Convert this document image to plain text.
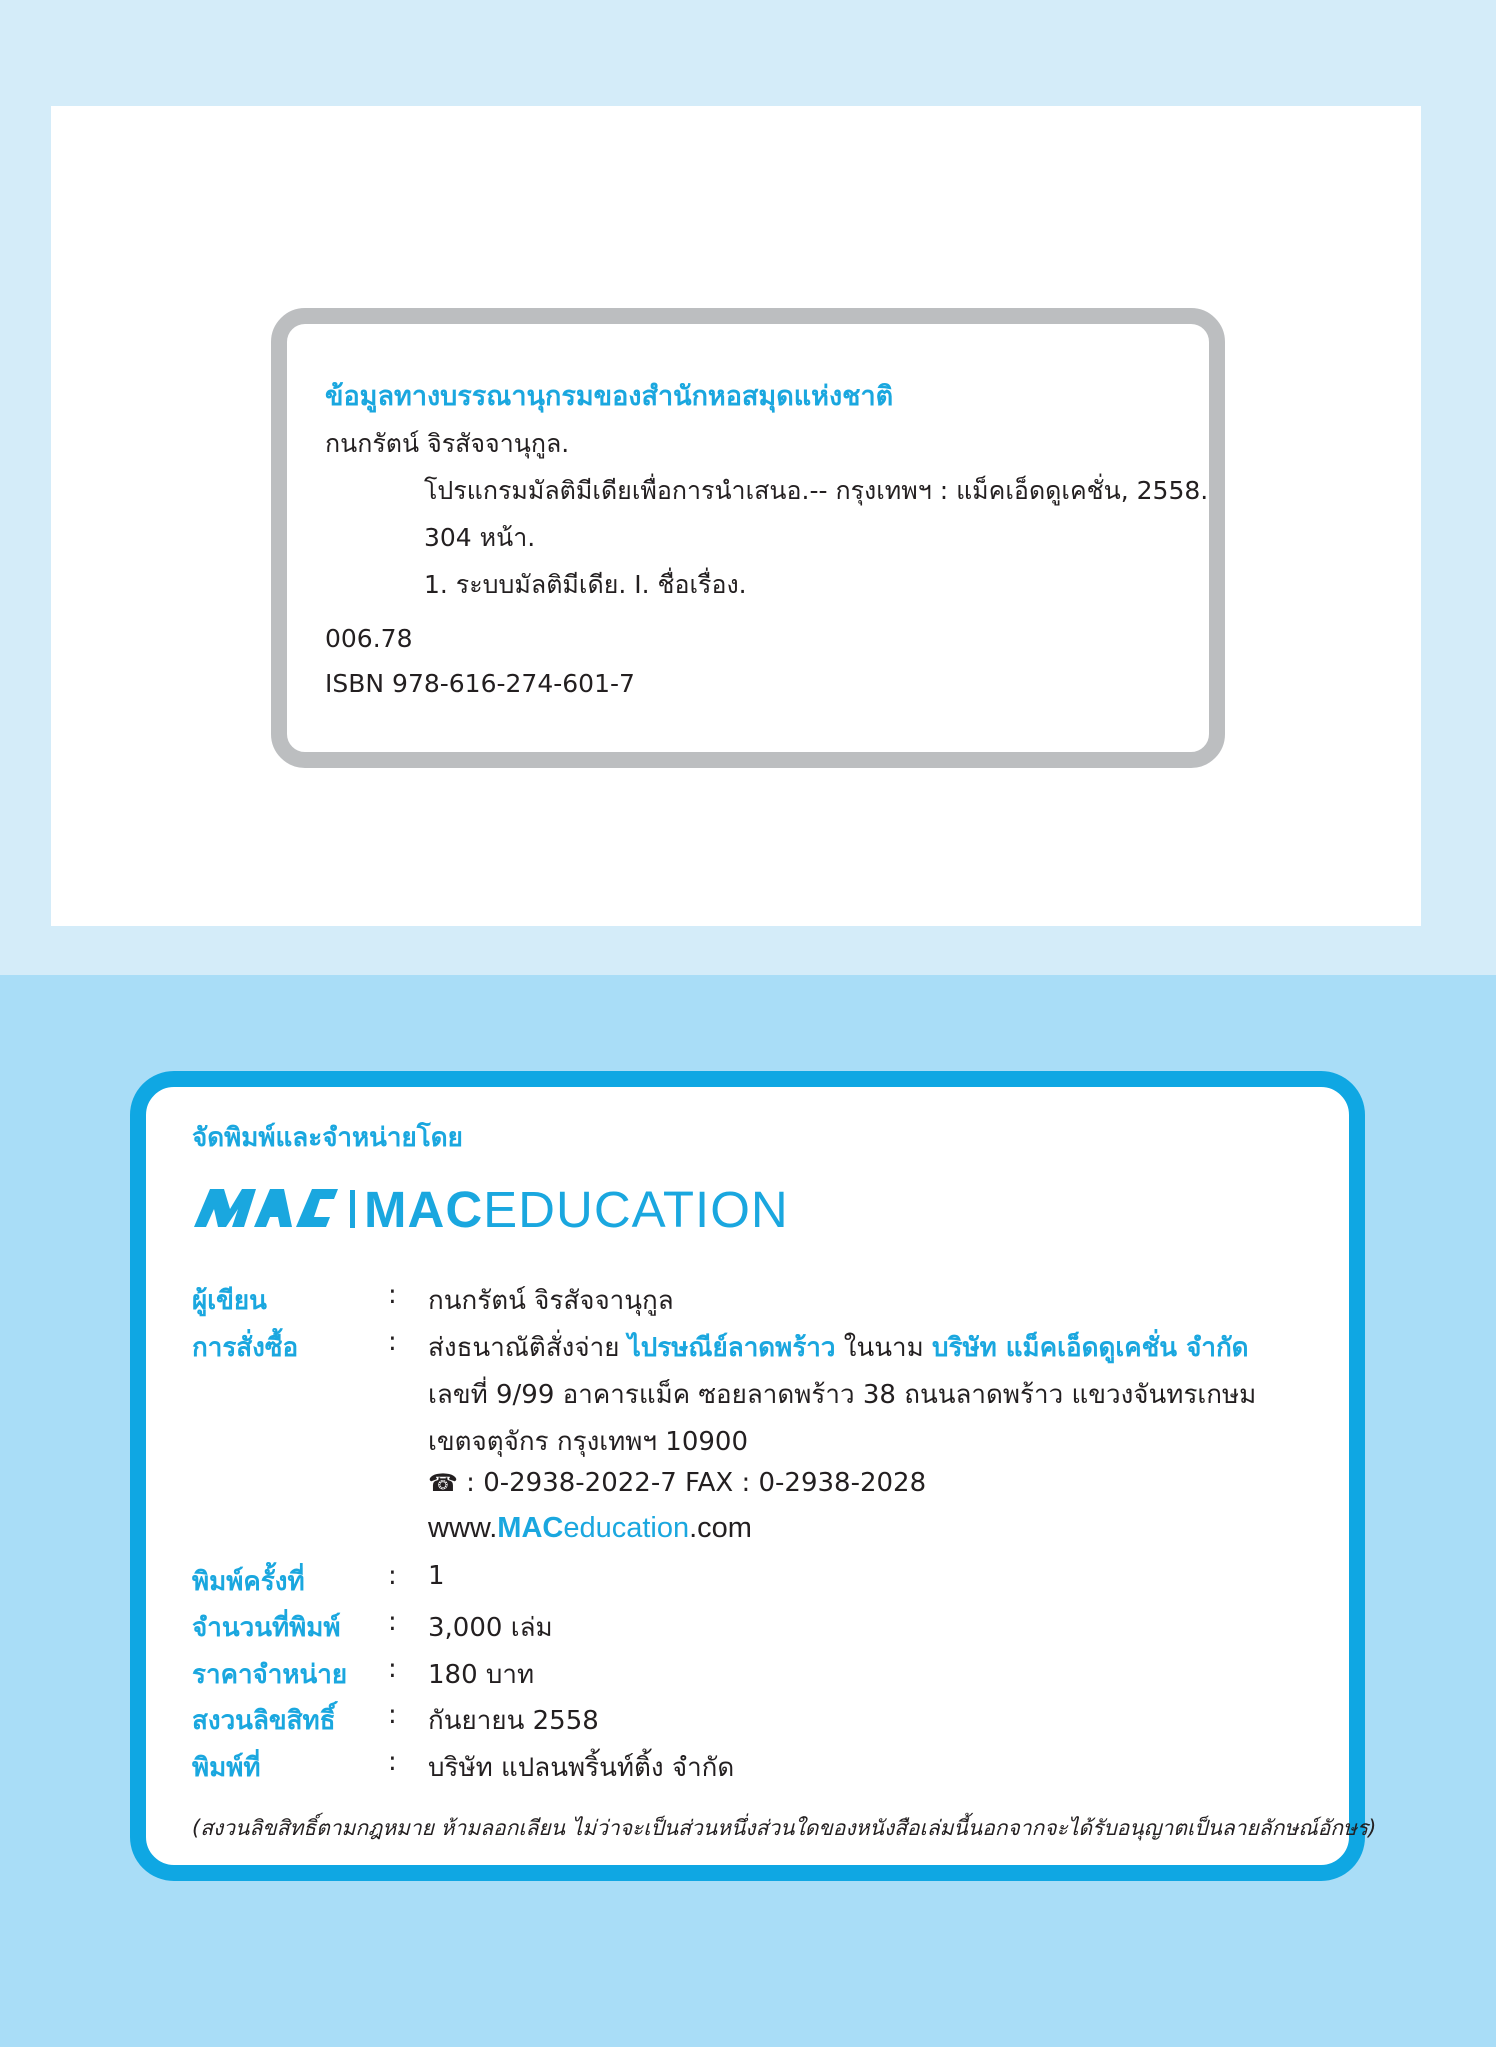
ข้อมูลทางบรรณานุกรมของสำนักหอสมุดแห่งชาติ
กนกรัตน์ จิรสัจจานุกูล.
โปรแกรมมัลติมีเดียเพื่อการนำเสนอ.-- กรุงเทพฯ : แม็คเอ็ดดูเคชั่น, 2558.
304 หน้า.
1. ระบบมัลติมีเดีย. I. ชื่อเรื่อง.
006.78
ISBN 978-616-274-601-7
จัดพิมพ์และจำหน่ายโดย
MACEDUCATION
ผู้เขียน	: กนกรัตน์ จิรสัจจานุกูล
การสั่งซื้อ	: ส่งธนาณัติสั่งจ่าย ไปรษณีย์ลาดพร้าว ในนาม บริษัท แม็คเอ็ดดูเคชั่น จำกัด
เลขที่ 9/99 อาคารแม็ค ซอยลาดพร้าว 38 ถนนลาดพร้าว แขวงจันทรเกษม
เขตจตุจักร กรุงเทพฯ 10900
☎ : 0-2938-2022-7 FAX : 0-2938-2028
www.MACeducation.com
พิมพ์ครั้งที่	: 1
จำนวนที่พิมพ์ : 3,000 เล่ม
ราคาจำหน่าย : 180 บาท
สงวนลิขสิทธิ์ : กันยายน 2558
พิมพ์ที่	: บริษัท แปลนพริ้นท์ติ้ง จำกัด
(สงวนลิขสิทธิ์ตามกฎหมาย ห้ามลอกเลียน ไม่ว่าจะเป็นส่วนหนึ่งส่วนใดของหนังสือเล่มนี้นอกจากจะได้รับอนุญาตเป็นลายลักษณ์อักษร)
